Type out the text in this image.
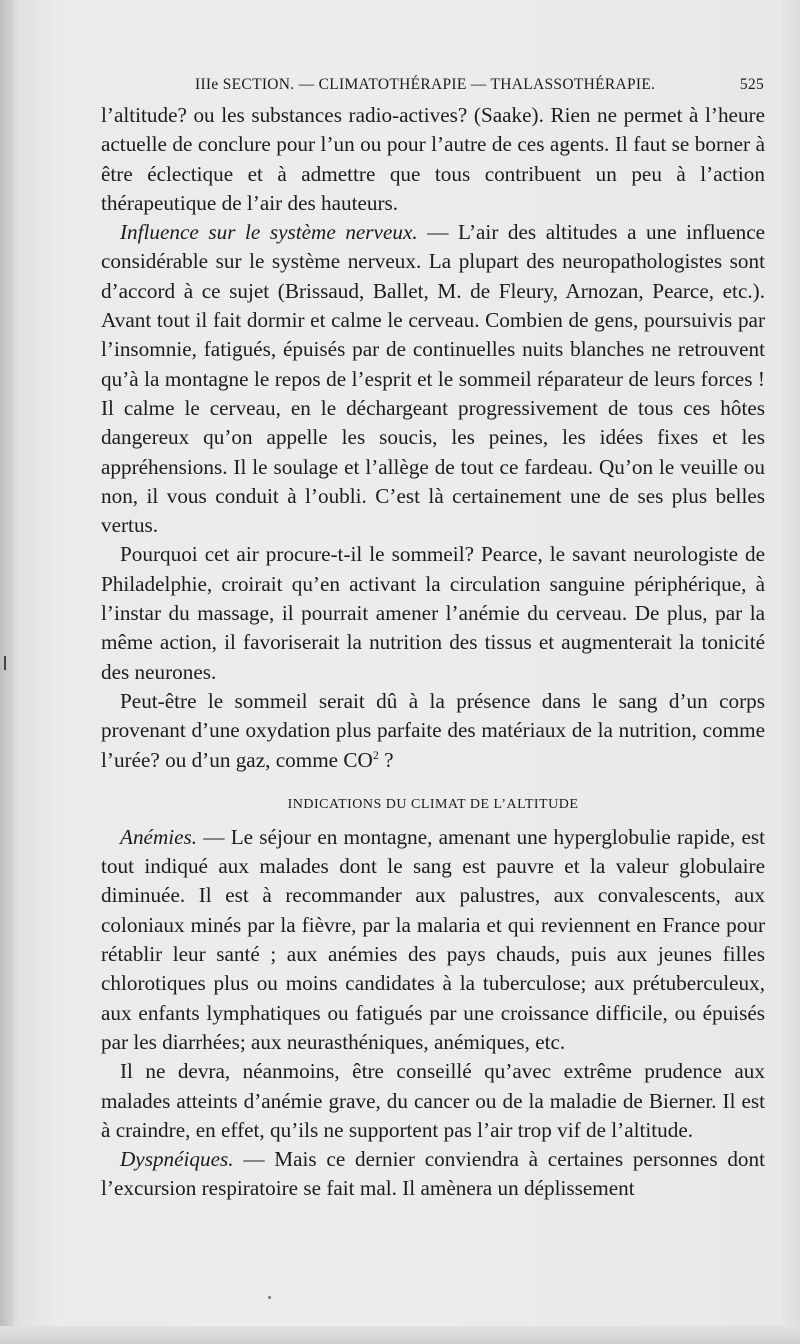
IIIe SECTION. — CLIMATOTHÉRAPIE — THALASSOTHÉRAPIE.	525

l’altitude? ou les substances radio-actives? (Saake). Rien ne permet à l’heure actuelle de conclure pour l’un ou pour l’autre de ces agents. Il faut se borner à être éclectique et à admettre que tous contribuent un peu à l’action thérapeutique de l’air des hauteurs.

Influence sur le système nerveux. — L’air des altitudes a une influence considérable sur le système nerveux. La plupart des neuropathologistes sont d’accord à ce sujet (Brissaud, Ballet, M. de Fleury, Arnozan, Pearce, etc.). Avant tout il fait dormir et calme le cerveau. Combien de gens, poursuivis par l’insomnie, fatigués, épuisés par de continuelles nuits blanches ne retrouvent qu’à la montagne le repos de l’esprit et le sommeil réparateur de leurs forces ! Il calme le cerveau, en le déchargeant progressivement de tous ces hôtes dangereux qu’on appelle les soucis, les peines, les idées fixes et les appréhensions. Il le soulage et l’allège de tout ce fardeau. Qu’on le veuille ou non, il vous conduit à l’oubli. C’est là certainement une de ses plus belles vertus.

Pourquoi cet air procure-t-il le sommeil? Pearce, le savant neurologiste de Philadelphie, croirait qu’en activant la circulation sanguine périphérique, à l’instar du massage, il pourrait amener l’anémie du cerveau. De plus, par la même action, il favoriserait la nutrition des tissus et augmenterait la tonicité des neurones.

Peut-être le sommeil serait dû à la présence dans le sang d’un corps provenant d’une oxydation plus parfaite des matériaux de la nutrition, comme l’urée? ou d’un gaz, comme $CO^2$ ?

INDICATIONS DU CLIMAT DE L’ALTITUDE

Anémies. — Le séjour en montagne, amenant une hyperglobulie rapide, est tout indiqué aux malades dont le sang est pauvre et la valeur globulaire diminuée. Il est à recommander aux palustres, aux convalescents, aux coloniaux minés par la fièvre, par la malaria et qui reviennent en France pour rétablir leur santé ; aux anémies des pays chauds, puis aux jeunes filles chlorotiques plus ou moins candidates à la tuberculose; aux prétuberculeux, aux enfants lymphatiques ou fatigués par une croissance difficile, ou épuisés par les diarrhées; aux neurasthéniques, anémiques, etc.

Il ne devra, néanmoins, être conseillé qu’avec extrême prudence aux malades atteints d’anémie grave, du cancer ou de la maladie de Bierner. Il est à craindre, en effet, qu’ils ne supportent pas l’air trop vif de l’altitude.

Dyspnéiques. — Mais ce dernier conviendra à certaines personnes dont l’excursion respiratoire se fait mal. Il amènera un déplissement
